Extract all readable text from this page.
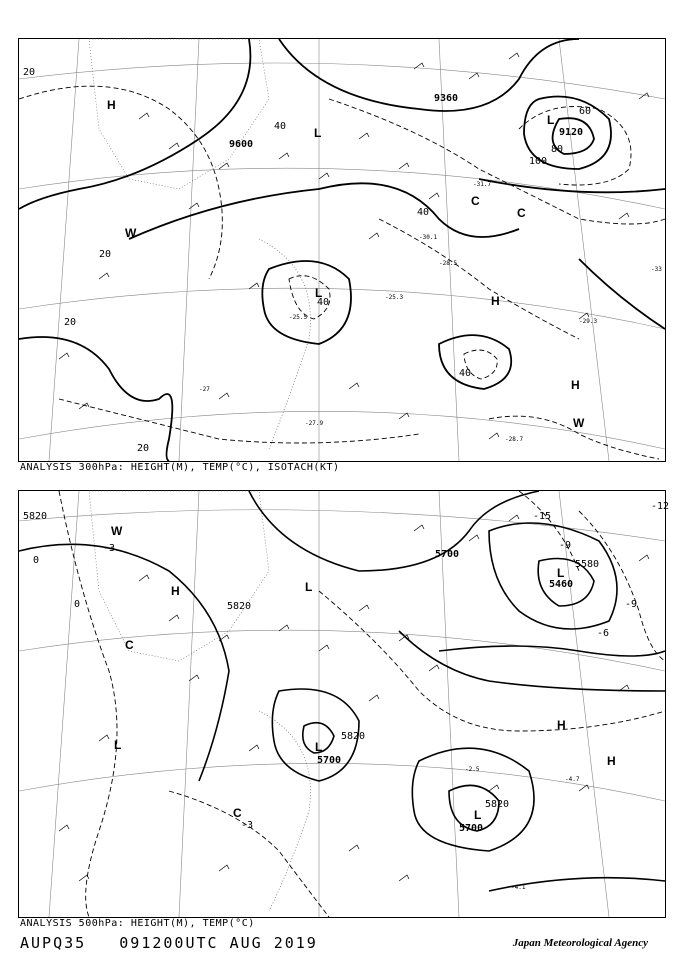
9360
9600
9120
20
20
20
20
40
40
40
40
60
80
100
-27
-28.7
-25.3
-29.3
-27.9
-31.7
-30.1
-28.5
-25.5
-33
H
H
H
L
L
L
W
W
C
C
ANALYSIS 300hPa: HEIGHT(M), TEMP(°C), ISOTACH(KT)
5820
5820
5700
5460
5580
5820
5700
5820
5700
0
0
-3
-3
-6
-9
-9
-12
-15
-4.7
-4.1
-2.5
H
H
H
L
L
L
L
L
W
C
C
ANALYSIS 500hPa: HEIGHT(M), TEMP(°C)
AUPQ35 091200UTC AUG 2019	Japan Meteorological Agency
